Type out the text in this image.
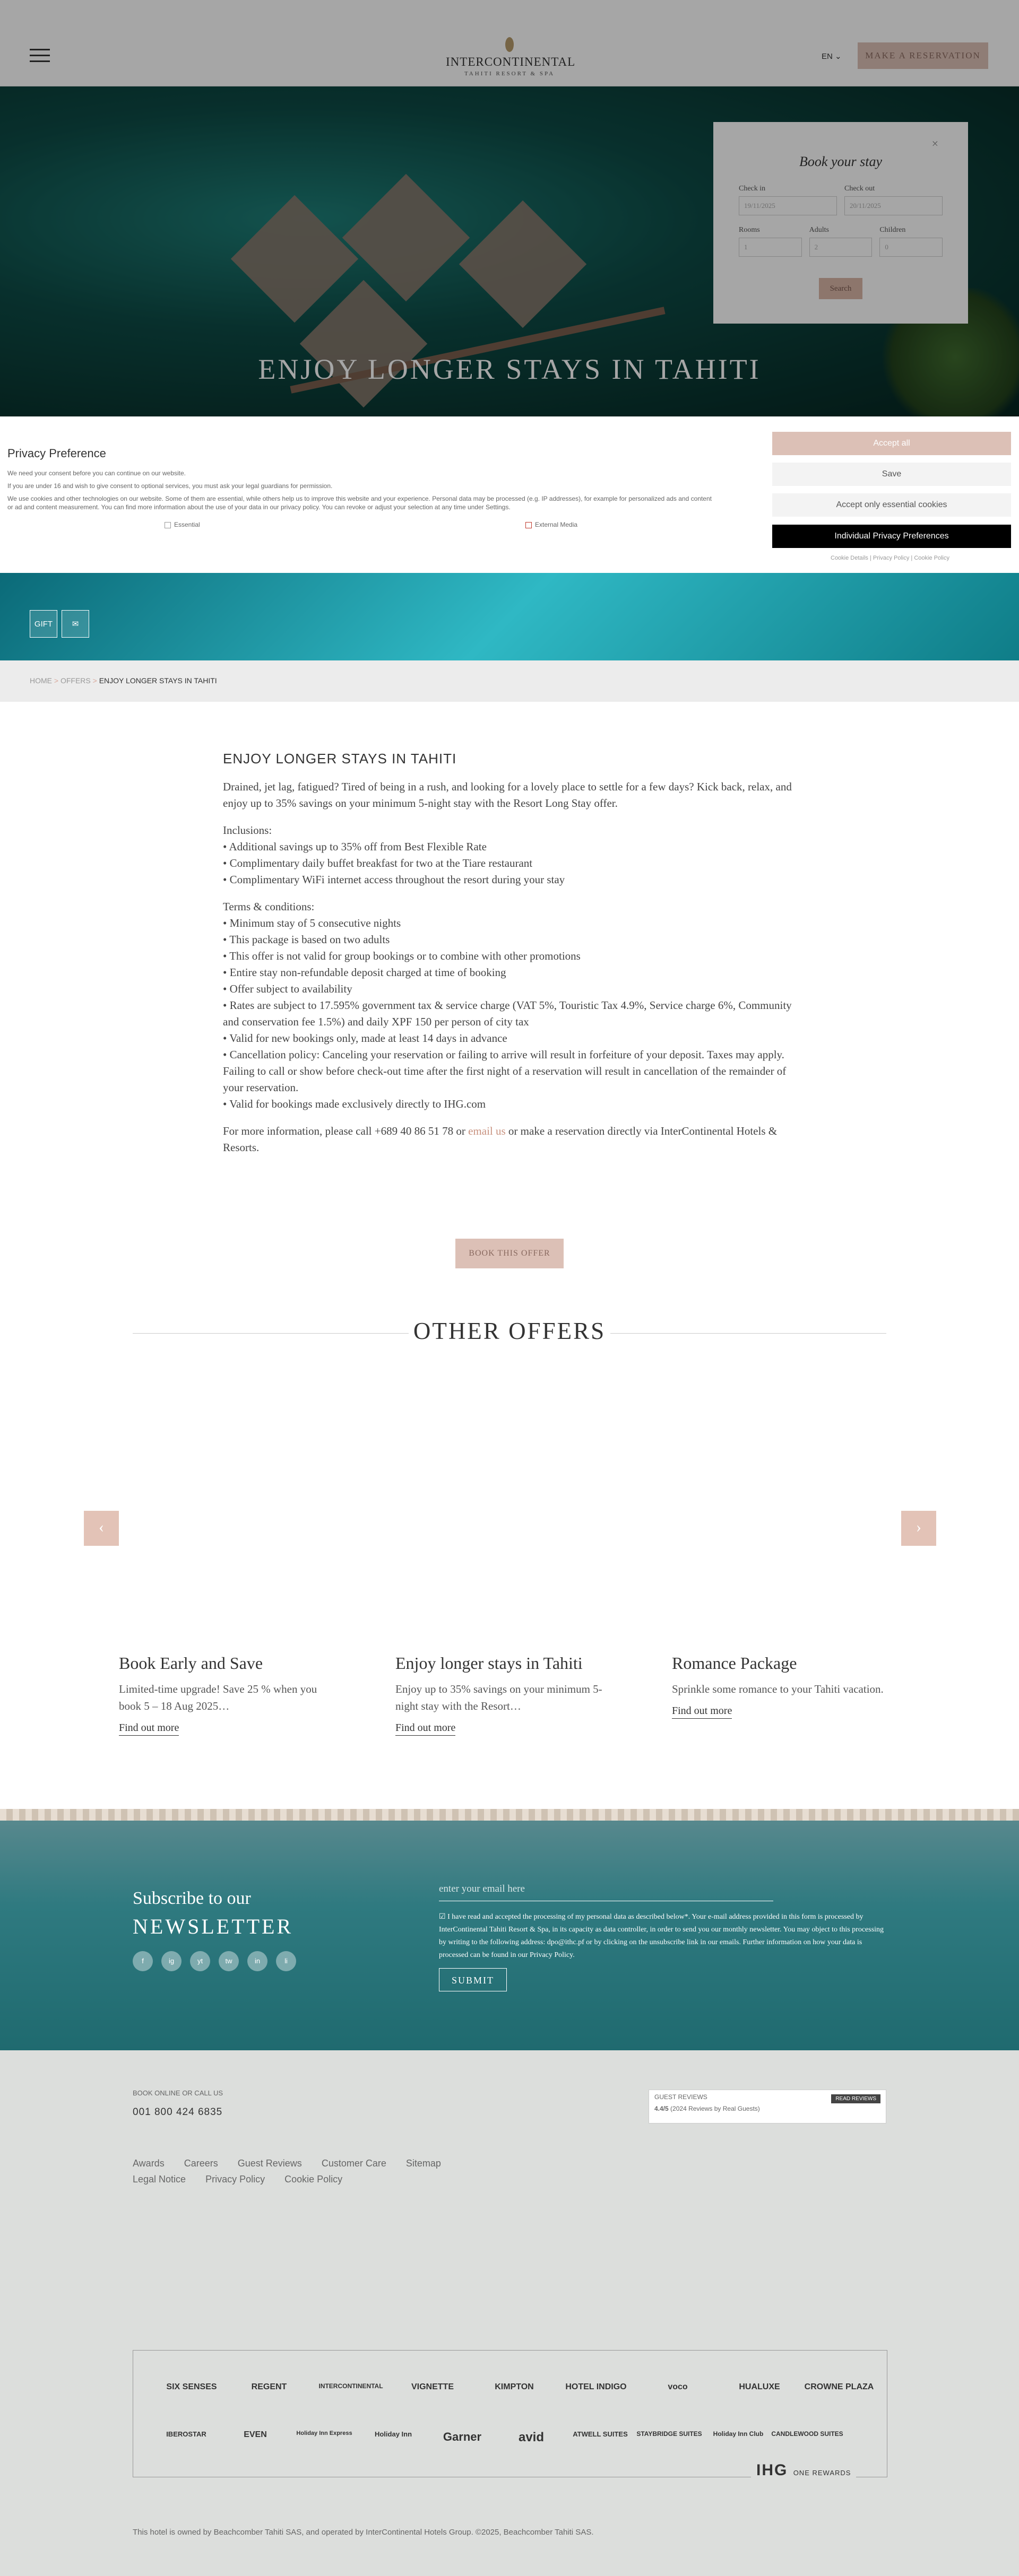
INTERCONTINENTAL
TAHITI RESORT & SPA
EN ⌄	MAKE A RESERVATION
ENJOY LONGER STAYS IN TAHITI
×
Book your stay
Check in
19/11/2025
Check out
20/11/2025
Rooms
1
Adults
2
Children
0
Search
Privacy Preference
We need your consent before you can continue on our website.
If you are under 16 and wish to give consent to optional services, you must ask your legal guardians for permission.
We use cookies and other technologies on our website. Some of them are essential, while others help us to improve this website and your experience. Personal data may be processed (e.g. IP addresses), for example for personalized ads and content or ad and content measurement. You can find more information about the use of your data in our privacy policy. You can revoke or adjust your selection at any time under Settings.
Essential	External Media
Accept all
Save
Accept only essential cookies
Individual Privacy Preferences
Cookie Details | Privacy Policy | Cookie Policy
GIFT	✉
HOME > OFFERS > ENJOY LONGER STAYS IN TAHITI
ENJOY LONGER STAYS IN TAHITI

Drained, jet lag, fatigued? Tired of being in a rush, and looking for a lovely place to settle for a few days? Kick back, relax, and enjoy up to 35% savings on your minimum 5-night stay with the Resort Long Stay offer.

Inclusions:
• Additional savings up to 35% off from Best Flexible Rate
• Complimentary daily buffet breakfast for two at the Tiare restaurant
• Complimentary WiFi internet access throughout the resort during your stay

Terms & conditions:
• Minimum stay of 5 consecutive nights
• This package is based on two adults
• This offer is not valid for group bookings or to combine with other promotions
• Entire stay non-refundable deposit charged at time of booking
• Offer subject to availability
• Rates are subject to 17.595% government tax & service charge (VAT 5%, Touristic Tax 4.9%, Service charge 6%, Community and conservation fee 1.5%) and daily XPF 150 per person of city tax
• Valid for new bookings only, made at least 14 days in advance
• Cancellation policy: Canceling your reservation or failing to arrive will result in forfeiture of your deposit. Taxes may apply. Failing to call or show before check-out time after the first night of a reservation will result in cancellation of the remainder of your reservation.
• Valid for bookings made exclusively directly to IHG.com

For more information, please call +689 40 86 51 78 or email us or make a reservation directly via InterContinental Hotels & Resorts.

BOOK THIS OFFER
OTHER OFFERS
‹	›
Book Early and Save
Limited-time upgrade! Save 25 % when you book 5 – 18 Aug 2025…
Find out more
Enjoy longer stays in Tahiti
Enjoy up to 35% savings on your minimum 5-night stay with the Resort…
Find out more
Romance Package
Sprinkle some romance to your Tahiti vacation.
Find out more
Subscribe to our
NEWSLETTER
f	ig	yt	tw	in	li
enter your email here
☑ I have read and accepted the processing of my personal data as described below*. Your e-mail address provided in this form is processed by InterContinental Tahiti Resort & Spa, in its capacity as data controller, in order to send you our monthly newsletter. You may object to this processing by writing to the following address: dpo@ithc.pf or by clicking on the unsubscribe link in our emails. Further information on how your data is processed can be found in our Privacy Policy.
SUBMIT
BOOK ONLINE OR CALL US
001 800 424 6835
GUEST REVIEWS	READ REVIEWS
4.4/5 (2024 Reviews by Real Guests)
Awards Careers Guest Reviews Customer Care Sitemap
Legal Notice Privacy Policy Cookie Policy
SIX SENSES	REGENT	INTERCONTINENTAL	VIGNETTE	KIMPTON	HOTEL INDIGO	voco	HUALUXE	CROWNE PLAZA
IBEROSTAR	EVEN	Holiday Inn Express	Holiday Inn	Garner	avid	ATWELL SUITES	STAYBRIDGE SUITES	Holiday Inn Club	CANDLEWOOD SUITES
IHG ONE REWARDS
This hotel is owned by Beachcomber Tahiti SAS, and operated by InterContinental Hotels Group. ©2025, Beachcomber Tahiti SAS.
